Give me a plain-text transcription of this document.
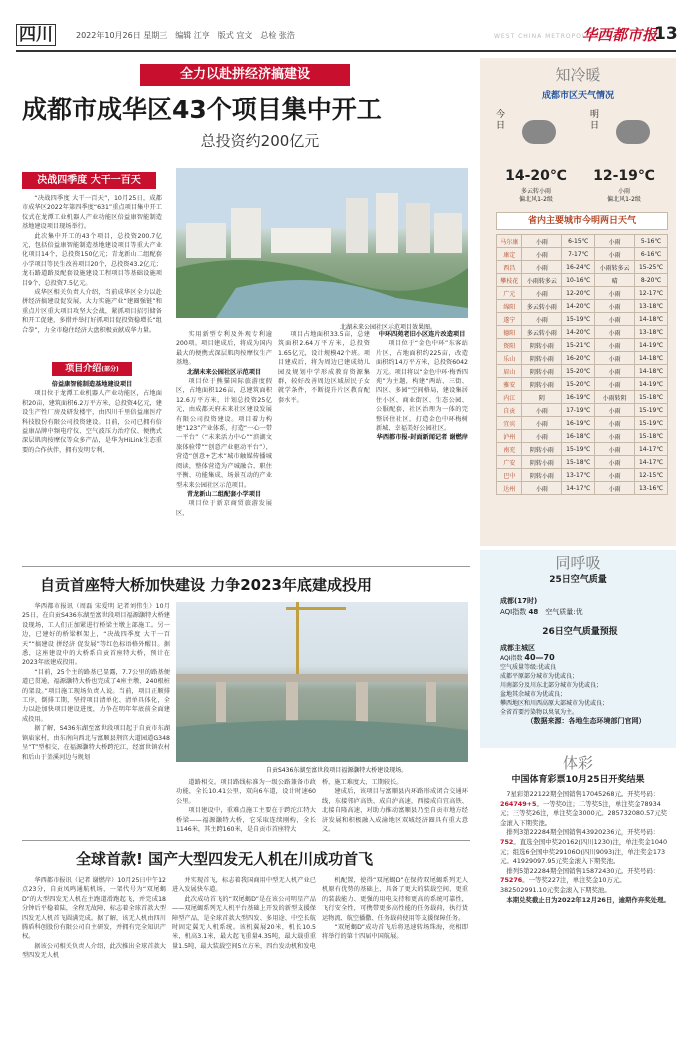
四川	2022年10月26日 星期三　编辑 江亨　版式 宜文　总检 张浩	WEST CHINA METROPOLIS DAILY
华西都市报
13
全力以赴拼经济搞建设
成都市成华区43个项目集中开工
总投资约200亿元
决战四季度 大干一百天

“决战四季度 大干一百天”，10月25日，成都市成华区2022年第四季度“631”重点项目集中开工仪式在龙潭工业机器人产业功能区倍益康智能制造基地建设项目现场举行。

此次集中开工的43个项目，总投资200.7亿元，包括倍益康智能制造基地建设项目等重大产业化项目14个，总投资150亿元；青龙新山二组配套小学项目等民生改善项目20个，总投资43.2亿元；龙石路道路及配套设施建设工程项目等基础设施项目9个，总投资7.5亿元。

成华区相关负责人介绍，当前成华区全力以赴拼经济搞建设促发展，大力实施产业“建圈强链”和重点片区重大项目攻坚大会战，紧抓项目招引储备和开工促建，多措并举打好抓项目促投资稳增长“组合拳”，力全市稳住经济大盘积极贡献成华力量。

项目介绍(部分)

倍益康智能制造基地建设项目

项目位于龙潭工业机器人产业功能区，占地面积20亩，建筑面积6.2万平方米，总投资4亿元，建设生产性厂房及研发楼宇，由四川千里倍益康医疗科技股份有限公司投资建设。目前，公司已拥有倍益康品牌中频电疗仪、空气波压力治疗仪、便携式深层肌肉按摩仪等众多产品，是华为HiLink生态重要的合作伙伴，拥有发明专利、

北湖未来公园社区示范项目效果图。

实用新型专利及外观专利逾200项。项目建成后，将成为国内最大的便携式深层肌肉按摩仪生产基地。

北湖未来公园社区示范项目

项目位于熊猫国际旅游度假区，占地面积126亩，总建筑面积12.6万平方米，计划总投资25亿元，由成都天府未来社区建设发展有限公司投资建设。项目着力构建“123”产业体系，打造“一心一带一平台”（“未来活力中心”“滨湖文旅体验带”“创意产业驱动平台”），营造“创意+艺术”城市触媒传播城阅读，整体营造为产城融合、职住平衡、功能集成、场景互动的产业型未来公园社区示范项目。

青龙新山二组配套小学项目

项目位于新京商贸旅游发展区，

项目占地面积33.5亩，总建筑面积2.64万平方米，总投资1.65亿元，设计规模42个班。项目建成后，将为周边已建成幼儿园及规划中学形成教育资源集群，较好改善周边区域居民子女就学条件，不断提升片区教育配套水平。

中环四苑老旧小区连片改造项目

项目位于“金色中环”东客站片区，占地面积约225亩，改造面积约14万平方米，总投资6042万元。项目将以“金色中环·梅香四苑”为主题，构建“两站、三街、四区、多园”空间格局，建设集居住小区、商业街区、生态公园、公服配套，社区治理为一体的完整居住社区，打造金色中环梅树新城、幸福美好公园社区。

华西都市报-封面新闻记者 谢燃岸

自贡首座特大桥加快建设 力争2023年底建成投用

华西都市报讯（周磊 宋爱明 记者刘伟生）10月25日，在自贡S436东湖至富世段项目福源灏特大桥建设现场，工人们正加紧进行桥梁主墩上部施工。另一边，已建好的桥梁框架上，“决战四季度 大干一百天”“搞建设 拼经济 促发展”等红色标语格外醒目。据悉，这座建设中的大桥系自贡首座特大桥，预计在2023年底建成投用。

“目前，25个主的路基已显露，7.7公里的路基便道已贯通，福源灏特大桥也完成了4座主墩、240根桩的架设。”项目施工现场负责人说。当前，项目正顺排工序，倒排工期，坚持项目清单化、清单具体化，全力以赴加快项目建设进度，力争在明年年底前全面建成投用。

据了解，S436东湖至富世段项目起于自贡市东湖镇庙家村，由东南向西北与富顺县荆宫大道园道G348呈“T”型相交，在福源灏特大桥跨沱江，经富世镇农村和后山于釜溪河边与规划

自贡S436东湖至富世段项目福源灏特大桥建设现场。

道路相交。项目路线标准为一级公路兼备市政功能，全长10.41公里，双向6车道，设计时速60公里。

项目建设中，重难点施工主要在于跨沱江特大桥梁——福源灏特大桥，它采取连续刚构，全长1146米，其主跨160米，是自贡市首座特大

桥，施工难度大、工期较长。

建成后，该项目与富顺县内环路形成闭合交通环线，东接邻庐高铁、成自泸高速，西接成自宜高铁、北接自隆高速，对助力推动富顺县乃至自贡市地方经济发展和积极融入成渝地区双城经济圈具有重大意义。

全球首款! 国产大型四发无人机在川成功首飞

华西都市报讯（记者 谢燃岸）10月25日中午12点23分，自贡凤鸣通航机场，一架代号为“双尾蝎D”的大型四发无人机在主跑道滑跑起飞，并完成18分钟后平稳着陆，全程无故障，标志着全球首款大型四发无人机首飞圆满完成。据了解，该无人机由四川腾盾科创股份有限公司自主研发，并拥有完全知识产权。

据该公司相关负责人介绍，此次推出全球首款大型四发无人机

并实现首飞，标志着我国商用中型无人机产业已进入发展快车道。

此次成功首飞的“双尾蝎D”是在该公司明星产品——双尾蝎系列无人机平台基础上开发的新型支援保障型产品，是全球首款大型四发、多用途、中空长航时固定翼无人机系统。该机翼展20米，机长10.5米，机高3.1米，最大起飞重量4.35吨，最大载重重量1.5吨，最大装载空间5立方米，四台发动机和发电

机配置，使得“双尾蝎D”在保持双尾蝎系列无人机原有优势的基础上，具备了更大的装载空间、更重的装载能力、更强的用电支持和更高的系统可靠性，飞行安全性，可携带更多高性能的任务载荷，执行货运物流、航空播撒、任务载荷使用等支援保障任务。

“双尾蝎D”成功首飞后将迅速转场珠海，亮相即将举行的第十四届中国航展。

知冷暖
成都市区天气情况
今日
14-20℃
多云转小雨
偏北风1-2级
明日
12-19℃
小雨
偏北风1-2级
省内主要城市今明两日天气
马尔康	小雨	6-15℃	小雨	5-16℃
康定	小雨	7-17℃	小雨	6-16℃
西昌	小雨	16-24℃	小雨转多云	15-25℃
攀枝花	小雨转多云	10-16℃	晴	8-20℃
广元	小雨	12-20℃	小雨	12-17℃
绵阳	多云转小雨	14-20℃	小雨	13-18℃
遂宁	小雨	15-19℃	小雨	14-18℃
德阳	多云转小雨	14-20℃	小雨	13-18℃
资阳	阴转小雨	15-21℃	小雨	14-19℃
乐山	阴转小雨	16-20℃	小雨	14-18℃
眉山	阴转小雨	15-20℃	小雨	14-18℃
雅安	阴转小雨	15-20℃	小雨	14-19℃
内江	阴	16-19℃	小雨转阴	15-18℃
自贡	小雨	17-19℃	小雨	15-19℃
宜宾	小雨	16-19℃	小雨	15-19℃
泸州	小雨	16-18℃	小雨	15-18℃
南充	阴转小雨	15-19℃	小雨	14-17℃
广安	阴转小雨	15-18℃	小雨	14-17℃
巴中	阴转小雨	13-17℃	小雨	12-15℃
达州	小雨	14-17℃	小雨	13-16℃
同呼吸
25日空气质量
成都(17时)
AQI指数 48　 空气质量:优
26日空气质量预报
成都主城区
AQI指数 40—70
空气质量等级:优或良
成都平原部分城市为优或良；
川南部分及川东北部分城市为优或良；
盆地其余城市为优或良；
攀西地区和川西高原大部城市为优或良；
全省首要污染物以臭氧为主。
（数据来源：各地生态环境部门官网）
体彩
中国体育彩票10月25日开奖结果

7星彩第22122期全国销售17045268元。开奖号码：264749+5。一等奖0注；二等奖5注，单注奖金78934元；三等奖26注，单注奖金3000元。285732080.57元奖金滚入下期奖池。

排列3第22284期全国销售43920236元，开奖号码：752。直选全国中奖20162(四川1230)注，单注奖金1040元；组选6全国中奖29106O(四川9093)注，单注奖金173元。41929097.95元奖金滚入下期奖池。

排列5第22284期全国销售15872430元。开奖号码：75276。一等奖227注，单注奖金10万元。382502991.10元奖金滚入下期奖池。

本期兑奖截止日为2022年12月26日，逾期作弃奖处理。
